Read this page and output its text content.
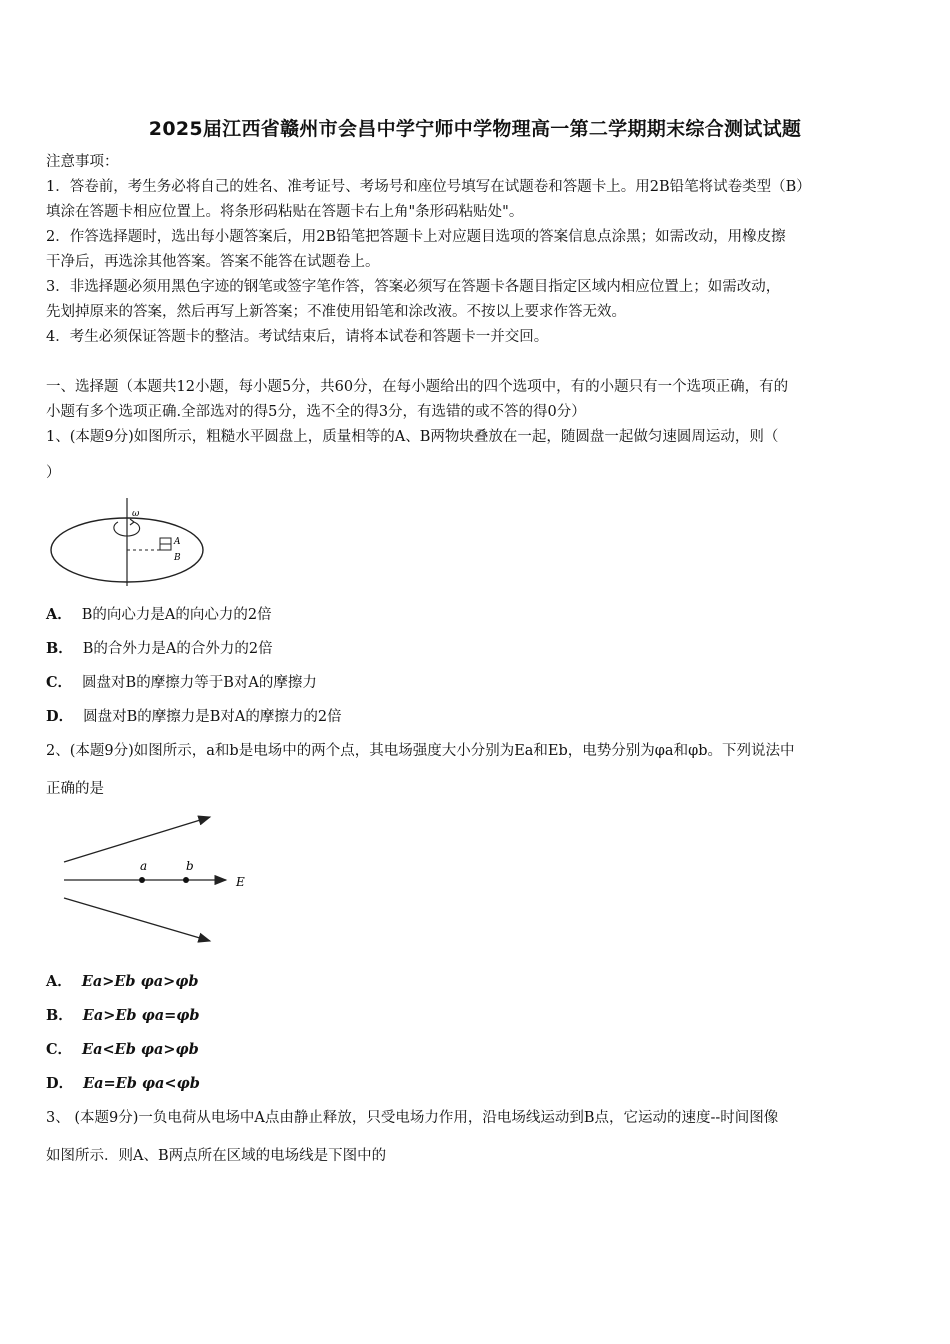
2025届江西省赣州市会昌中学宁师中学物理高一第二学期期末综合测试试题
注意事项：
1．答卷前，考生务必将自己的姓名、准考证号、考场号和座位号填写在试题卷和答题卡上。用2B铅笔将试卷类型（B）
填涂在答题卡相应位置上。将条形码粘贴在答题卡右上角"条形码粘贴处"。
2．作答选择题时，选出每小题答案后，用2B铅笔把答题卡上对应题目选项的答案信息点涂黑；如需改动，用橡皮擦
干净后，再选涂其他答案。答案不能答在试题卷上。
3．非选择题必须用黑色字迹的钢笔或签字笔作答，答案必须写在答题卡各题目指定区域内相应位置上；如需改动，
先划掉原来的答案，然后再写上新答案；不准使用铅笔和涂改液。不按以上要求作答无效。
4．考生必须保证答题卡的整洁。考试结束后，请将本试卷和答题卡一并交回。
一、选择题（本题共12小题，每小题5分，共60分，在每小题给出的四个选项中，有的小题只有一个选项正确，有的
小题有多个选项正确.全部选对的得5分，选不全的得3分，有选错的或不答的得0分）
1、(本题9分)如图所示，粗糙水平圆盘上，质量相等的A、B两物块叠放在一起，随圆盘一起做匀速圆周运动，则（
）
ω
A
B
A． B的向心力是A的向心力的2倍
B． B的合外力是A的合外力的2倍
C． 圆盘对B的摩擦力等于B对A的摩擦力
D． 圆盘对B的摩擦力是B对A的摩擦力的2倍
2、(本题9分)如图所示，a和b是电场中的两个点，其电场强度大小分别为Ea和Eb，电势分别为φa和φb。下列说法中
正确的是
a	b
E
A． Ea>Eb φa>φb
B． Ea>Eb φa=φb
C． Ea<Eb φa>φb
D． Ea=Eb φa<φb
3、 (本题9分)一负电荷从电场中A点由静止释放，只受电场力作用，沿电场线运动到B点，它运动的速度--时间图像
如图所示．则A、B两点所在区域的电场线是下图中的
